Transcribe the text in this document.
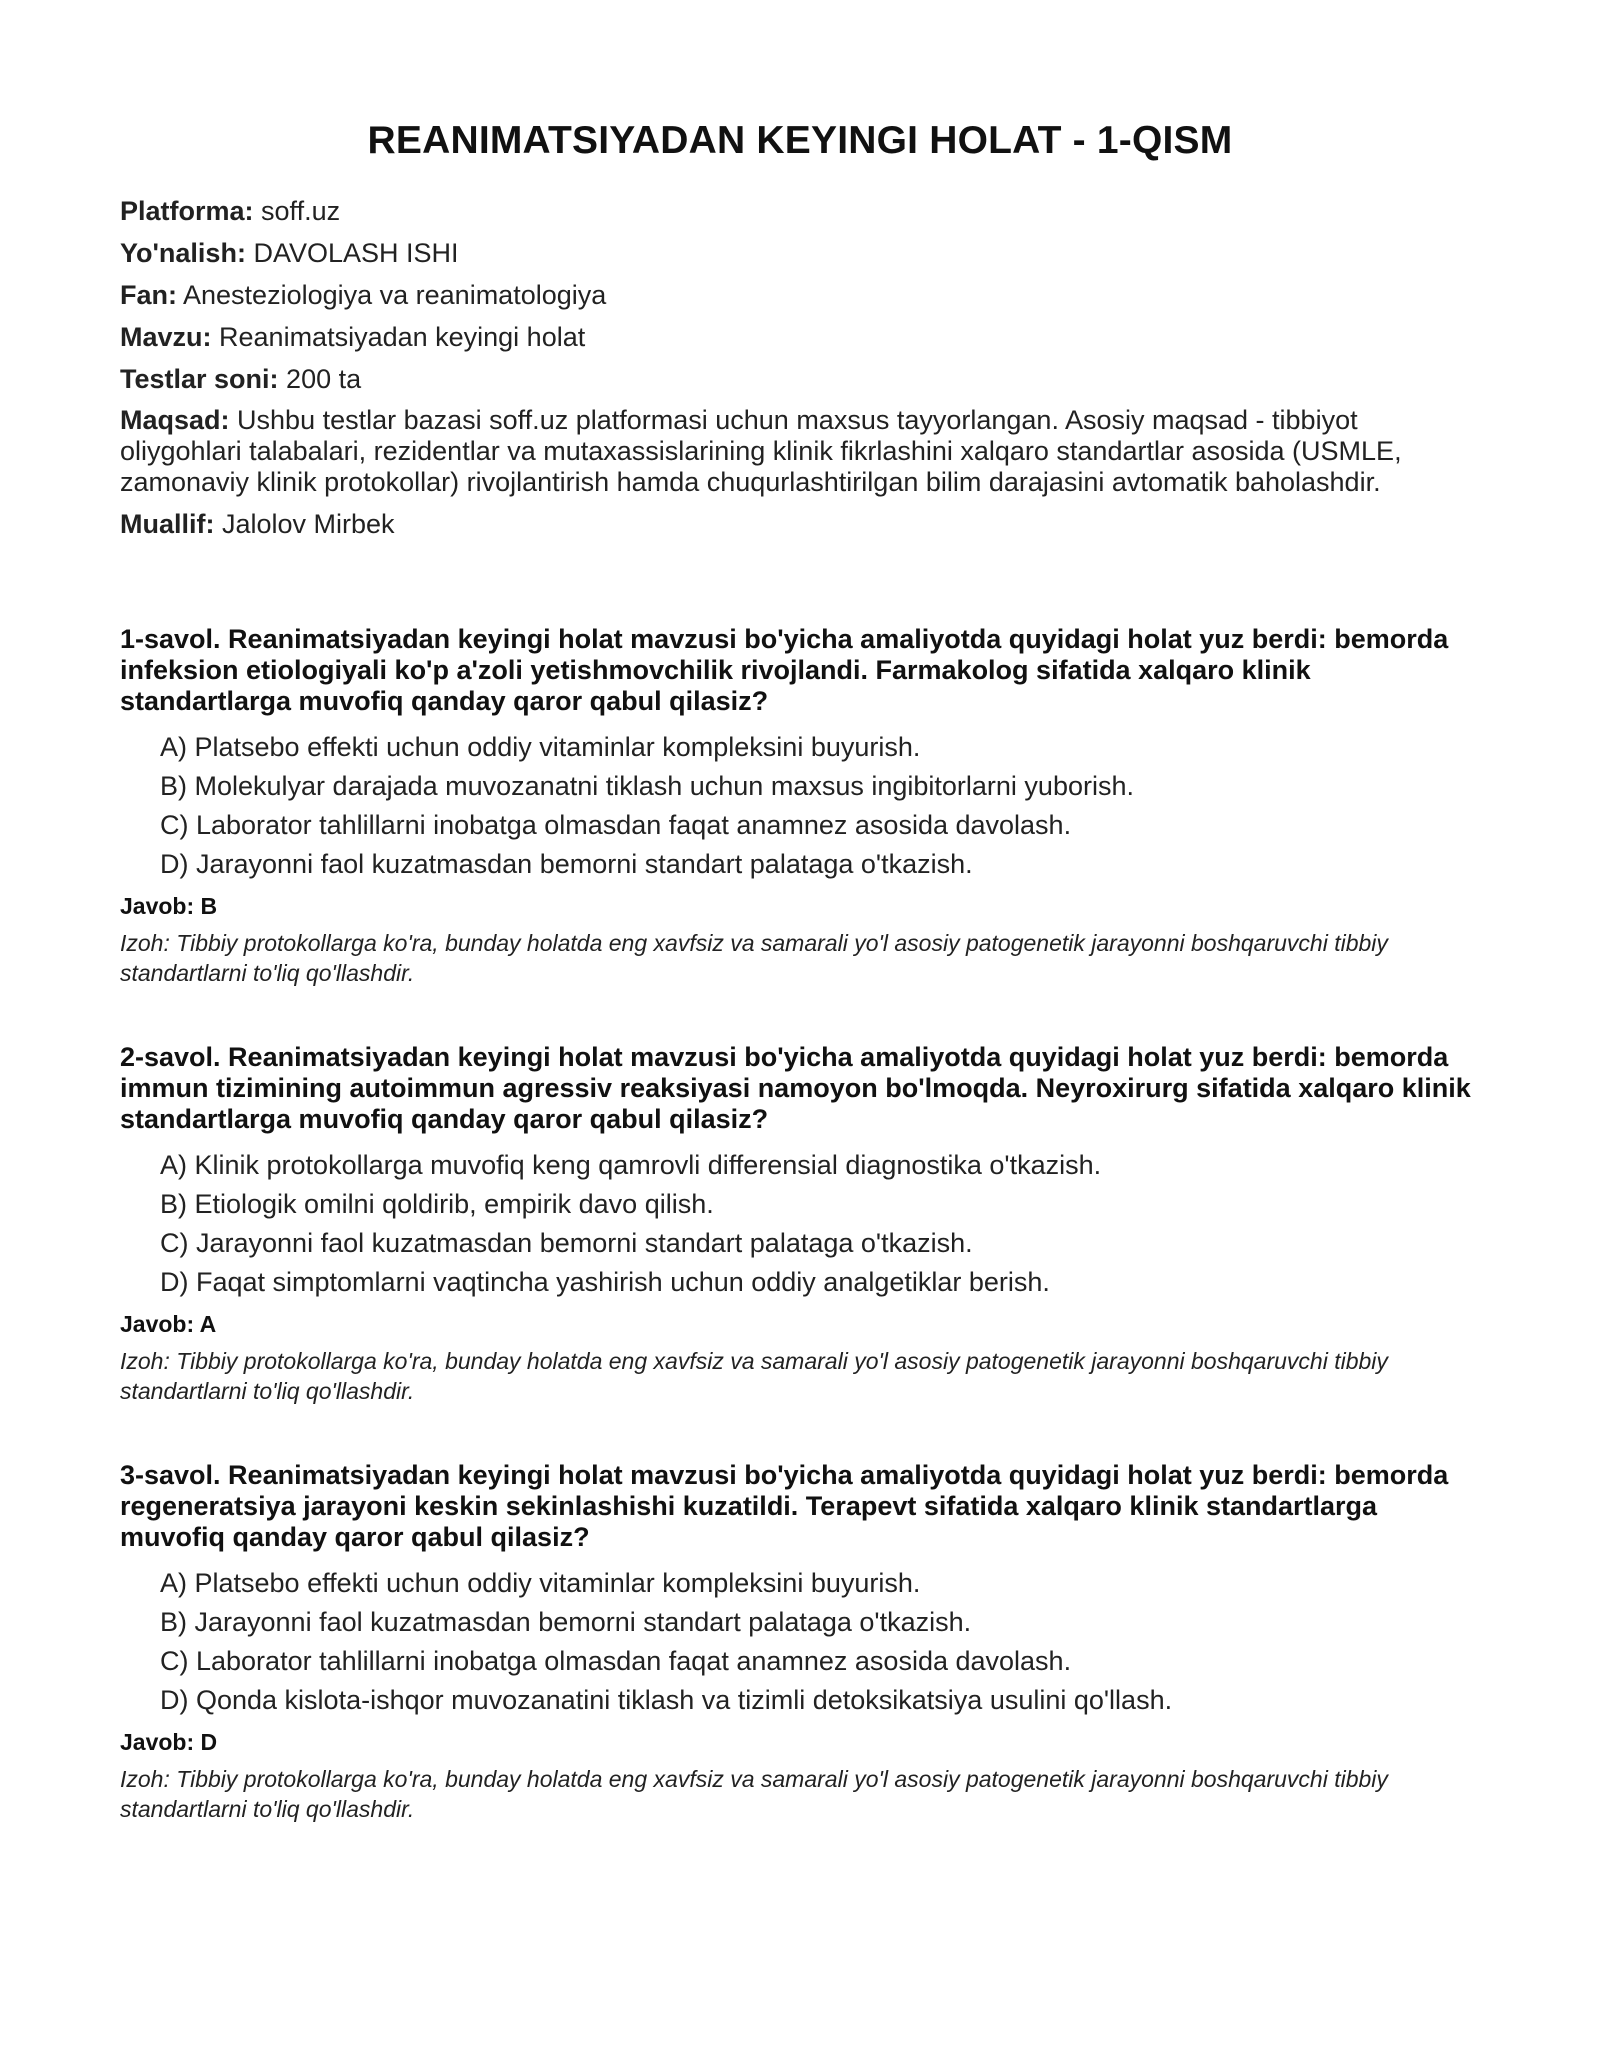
REANIMATSIYADAN KEYINGI HOLAT - 1-QISM

Platforma: soff.uz

Yo'nalish: DAVOLASH ISHI

Fan: Anesteziologiya va reanimatologiya

Mavzu: Reanimatsiyadan keyingi holat

Testlar soni: 200 ta

Maqsad: Ushbu testlar bazasi soff.uz platformasi uchun maxsus tayyorlangan. Asosiy maqsad - tibbiyot oliygohlari talabalari, rezidentlar va mutaxassislarining klinik fikrlashini xalqaro standartlar asosida (USMLE, zamonaviy klinik protokollar) rivojlantirish hamda chuqurlashtirilgan bilim darajasini avtomatik baholashdir.

Muallif: Jalolov Mirbek

1-savol. Reanimatsiyadan keyingi holat mavzusi bo'yicha amaliyotda quyidagi holat yuz berdi: bemorda infeksion etiologiyali ko'p a'zoli yetishmovchilik rivojlandi. Farmakolog sifatida xalqaro klinik standartlarga muvofiq qanday qaror qabul qilasiz?

A) Platsebo effekti uchun oddiy vitaminlar kompleksini buyurish.
B) Molekulyar darajada muvozanatni tiklash uchun maxsus ingibitorlarni yuborish.
C) Laborator tahlillarni inobatga olmasdan faqat anamnez asosida davolash.
D) Jarayonni faol kuzatmasdan bemorni standart palataga o'tkazish.

Javob: B

Izoh: Tibbiy protokollarga ko'ra, bunday holatda eng xavfsiz va samarali yo'l asosiy patogenetik jarayonni boshqaruvchi tibbiy standartlarni to'liq qo'llashdir.

2-savol. Reanimatsiyadan keyingi holat mavzusi bo'yicha amaliyotda quyidagi holat yuz berdi: bemorda immun tizimining autoimmun agressiv reaksiyasi namoyon bo'lmoqda. Neyroxirurg sifatida xalqaro klinik standartlarga muvofiq qanday qaror qabul qilasiz?

A) Klinik protokollarga muvofiq keng qamrovli differensial diagnostika o'tkazish.
B) Etiologik omilni qoldirib, empirik davo qilish.
C) Jarayonni faol kuzatmasdan bemorni standart palataga o'tkazish.
D) Faqat simptomlarni vaqtincha yashirish uchun oddiy analgetiklar berish.

Javob: A

Izoh: Tibbiy protokollarga ko'ra, bunday holatda eng xavfsiz va samarali yo'l asosiy patogenetik jarayonni boshqaruvchi tibbiy standartlarni to'liq qo'llashdir.

3-savol. Reanimatsiyadan keyingi holat mavzusi bo'yicha amaliyotda quyidagi holat yuz berdi: bemorda regeneratsiya jarayoni keskin sekinlashishi kuzatildi. Terapevt sifatida xalqaro klinik standartlarga muvofiq qanday qaror qabul qilasiz?

A) Platsebo effekti uchun oddiy vitaminlar kompleksini buyurish.
B) Jarayonni faol kuzatmasdan bemorni standart palataga o'tkazish.
C) Laborator tahlillarni inobatga olmasdan faqat anamnez asosida davolash.
D) Qonda kislota-ishqor muvozanatini tiklash va tizimli detoksikatsiya usulini qo'llash.

Javob: D

Izoh: Tibbiy protokollarga ko'ra, bunday holatda eng xavfsiz va samarali yo'l asosiy patogenetik jarayonni boshqaruvchi tibbiy standartlarni to'liq qo'llashdir.
